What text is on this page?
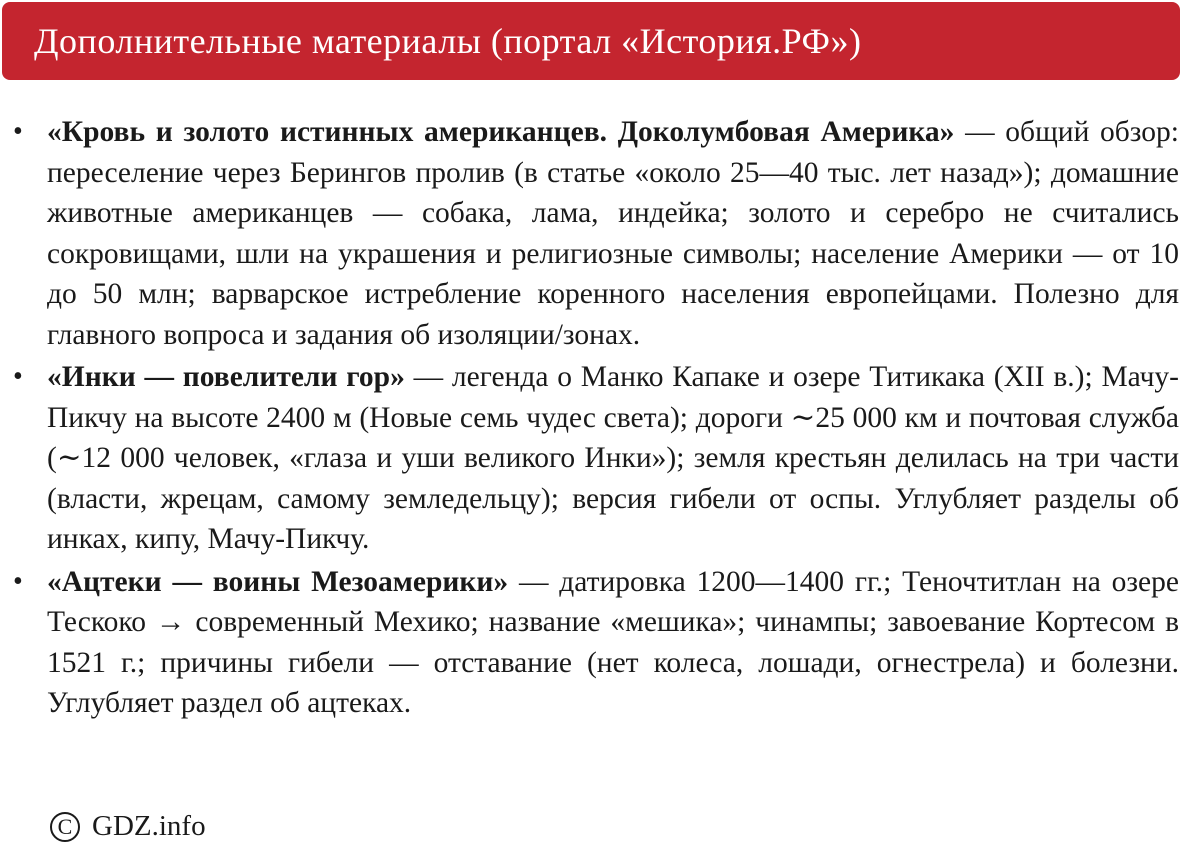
Дополнительные материалы (портал «История.РФ»)
• «Кровь и золото истинных американцев. Доколумбовая Америка» — общий обзор: переселение через Берингов пролив (в статье «около 25—40 тыс. лет назад»); домашние животные американцев — собака, лама, индейка; золото и серебро не считались сокровищами, шли на украшения и религиозные символы; население Америки — от 10 до 50 млн; варварское истребление коренного населения европейцами. Полезно для главного вопроса и задания об изоляции/зонах.
• «Инки — повелители гор» — легенда о Манко Капаке и озере Титикака (XII в.); Мачу-Пикчу на высоте 2400 м (Новые семь чудес света); дороги ∼25 000 км и почтовая служба (∼12 000 человек, «глаза и уши великого Инки»); земля крестьян делилась на три части (власти, жрецам, самому земледельцу); версия гибели от оспы. Углубляет разделы об инках, кипу, Мачу-Пикчу.
• «Ацтеки — воины Мезоамерики» — датировка 1200—1400 гг.; Теночтитлан на озере Тескоко → современный Мехико; название «мешика»; чинампы; завоевание Кортесом в 1521 г.; причины гибели — отставание (нет колеса, лошади, огнестрела) и болезни. Углубляет раздел об ацтеках.
C GDZ.info
